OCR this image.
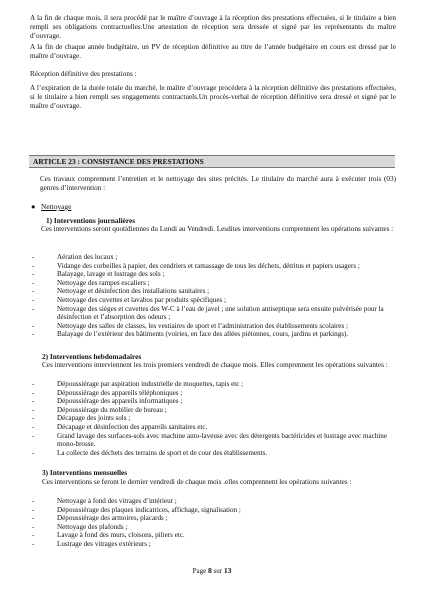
A la fin de chaque mois, il sera procédé par le maître d’ouvrage à la réception des prestations effectuées, si le titulaire a bien rempli ses obligations contractuelles.Une attestation de réception sera dressée et signé par les représentants du maître d’ouvrage.

A la fin de chaque année budgétaire, un PV de réception définitive au titre de l’année budgétaire en cours est dressé par le maître d’ouvrage.

Réception définitive des prestations :

A l’expiration de la durée totale du marché, le maître d’ouvrage procédera à la réception définitive des prestations effectuées, si le titulaire a bien rempli ses engagements contractuels.Un procès-verbal de réception définitive sera dressé et signé par le maître d’ouvrage.

ARTICLE 23 : CONSISTANCE DES PRESTATIONS

Ces travaux comprennent l’entretien et le nettoyage des sites précités. Le titulaire du marché aura à exécuter trois (03) genres d’intervention :

● Nettoyage

1) Interventions journalières

Ces interventions seront quotidiennes du Lundi au Vendredi. Lesdites interventions comprennent les opérations suivantes :

-	Aération des locaux ;
-	Vidange des corbeilles à papier, des cendriers et ramassage de tous les déchets, détritus et papiers usagers ;
-	Balayage, lavage et lustrage des sols ;
-	Nettoyage des rampes escaliers ;
-	Nettoyage et désinfection des installations sanitaires ;
-	Nettoyage des cuvettes et lavabos par produits spécifiques ;
-	Nettoyage des sièges et cuvettes des W-C à l’eau de javel ; une solution antiseptique sera ensuite pulvérisée pour la désinfection et l’absorption des odeurs ;
-	Nettoyage des salles de classes, les vestiaires de sport et l’administration des établissements scolaires ;
-	Balayage de l’extérieur des bâtiments (voiries, en face des allées piétonnes, cours, jardins et parkings).

2) Interventions hebdomadaires

Ces interventions interviennent les trois premiers vendredi de chaque mois. Elles comprennent les opérations suivantes :

-	Dépoussiérage par aspiration industrielle de moquettes, tapis etc ;
-	Dépoussiérage des appareils téléphoniques ;
-	Dépoussiérage des appareils informatiques ;
-	Dépoussiérage du mobilier de bureau ;
-	Décapage des joints sols ;
-	Décapage et désinfection des appareils sanitaires etc.
-	Grand lavage des surfaces-sols avec machine auto-laveuse avec des détergents bactéricides et lustrage avec machine mono-brosse.
-	La collecte des déchets des terrains de sport et de cour des établissements.

3) Interventions mensuelles

Ces interventions se feront le dernier vendredi de chaque mois .elles comprennent les opérations suivantes :

-	Nettoyage à fond des vitrages d’intérieur ;
-	Dépoussiérage des plaques indicatrices, affichage, signalisation ;
-	Dépoussiérage des armoires, placards ;
-	Nettoyage des plafonds ;
-	Lavage à fond des murs, cloisons, piliers etc.
-	Lustrage des vitrages extérieurs ;
Page 8 sur 13
